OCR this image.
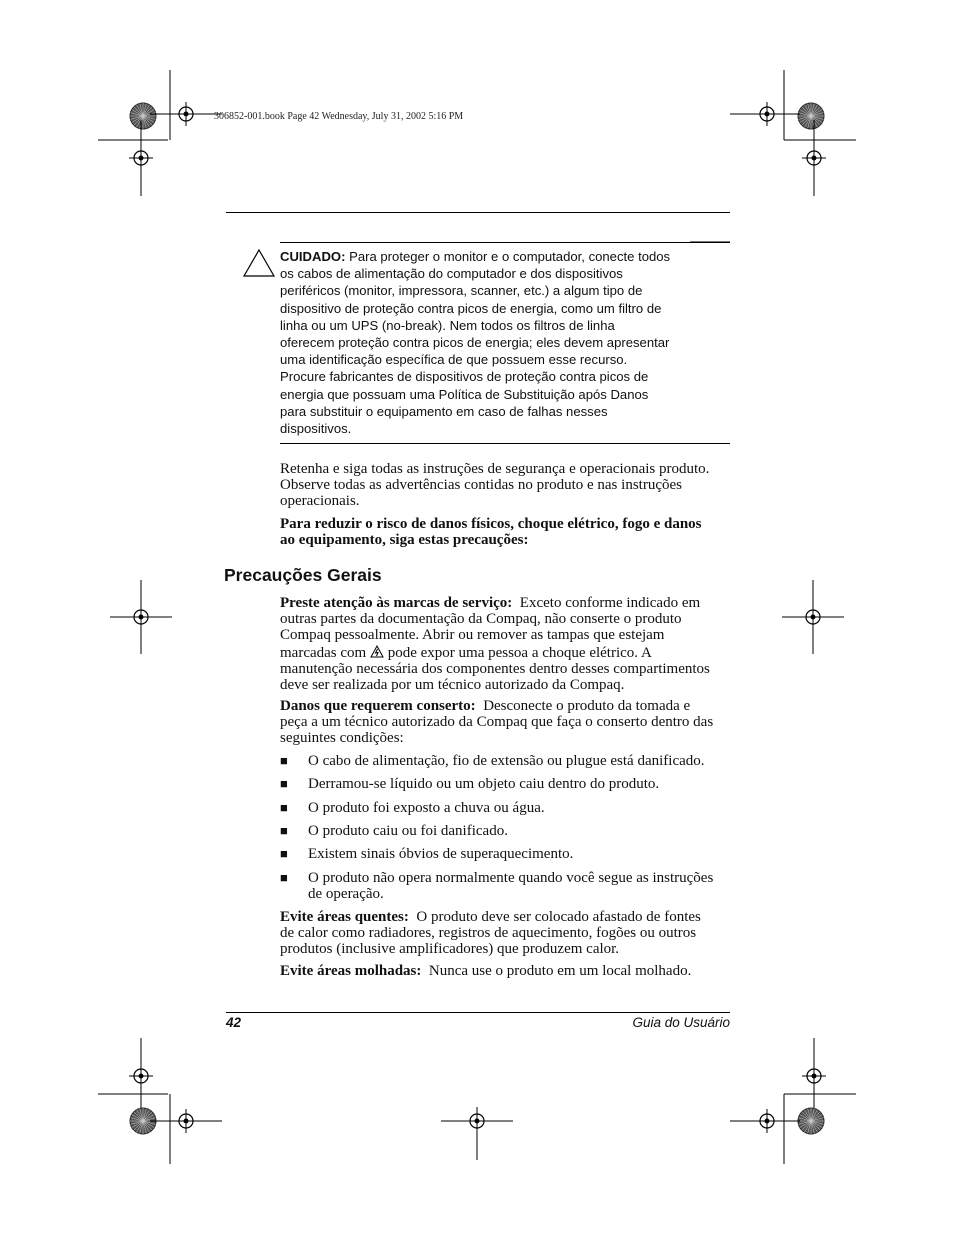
306852-001.book Page 42 Wednesday, July 31, 2002 5:16 PM
CUIDADO: Para proteger o monitor e o computador, conecte todos
os cabos de alimentação do computador e dos dispositivos
periféricos (monitor, impressora, scanner, etc.) a algum tipo de
dispositivo de proteção contra picos de energia, como um filtro de
linha ou um UPS (no-break). Nem todos os filtros de linha
oferecem proteção contra picos de energia; eles devem apresentar
uma identificação específica de que possuem esse recurso.
Procure fabricantes de dispositivos de proteção contra picos de
energia que possuam uma Política de Substituição após Danos
para substituir o equipamento em caso de falhas nesses
dispositivos.
Retenha e siga todas as instruções de segurança e operacionais produto.
Observe todas as advertências contidas no produto e nas instruções
operacionais.
Para reduzir o risco de danos físicos, choque elétrico, fogo e danos
ao equipamento, siga estas precauções:
Precauções Gerais
Preste atenção às marcas de serviço: Exceto conforme indicado em
outras partes da documentação da Compaq, não conserte o produto
Compaq pessoalmente. Abrir ou remover as tampas que estejam
marcadas com pode expor uma pessoa a choque elétrico. A
manutenção necessária dos componentes dentro desses compartimentos
deve ser realizada por um técnico autorizado da Compaq.
Danos que requerem conserto: Desconecte o produto da tomada e
peça a um técnico autorizado da Compaq que faça o conserto dentro das
seguintes condições:
■ O cabo de alimentação, fio de extensão ou plugue está danificado.
■ Derramou-se líquido ou um objeto caiu dentro do produto.
■ O produto foi exposto a chuva ou água.
■ O produto caiu ou foi danificado.
■ Existem sinais óbvios de superaquecimento.
■ O produto não opera normalmente quando você segue as instruções
de operação.
Evite áreas quentes: O produto deve ser colocado afastado de fontes
de calor como radiadores, registros de aquecimento, fogões ou outros
produtos (inclusive amplificadores) que produzem calor.
Evite áreas molhadas: Nunca use o produto em um local molhado.
42	Guia do Usuário
